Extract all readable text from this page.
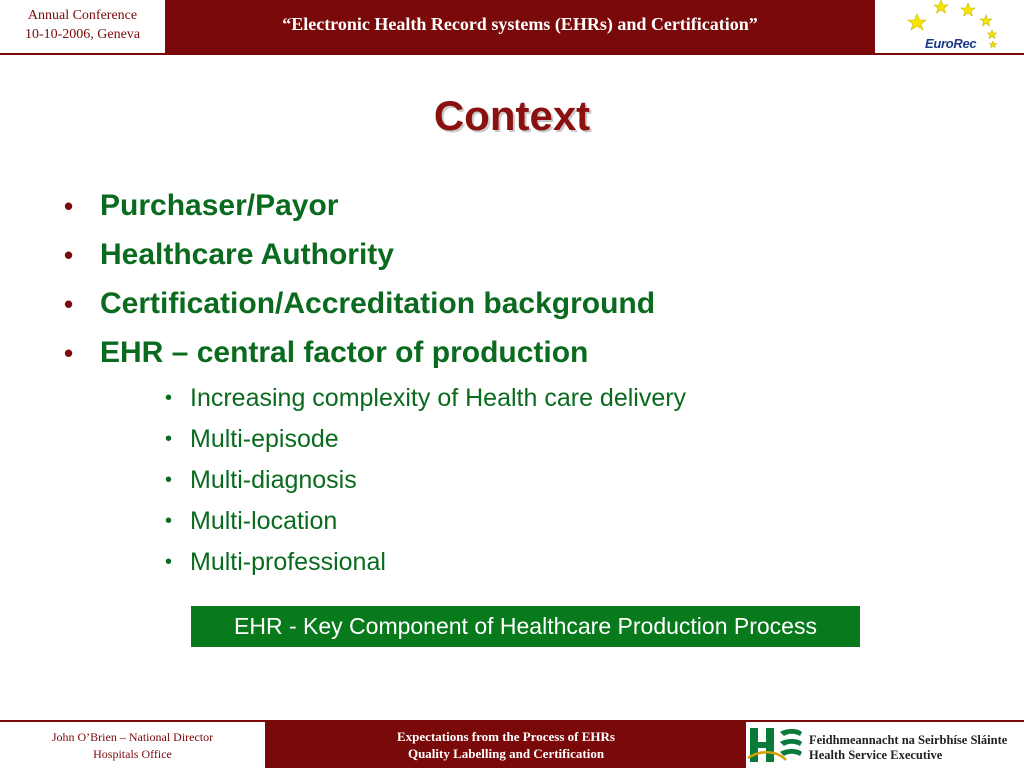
Annual Conference
10-10-2006, Geneva
“Electronic Health Record systems (EHRs) and Certification”
EuroRec
Context
• Purchaser/Payor
• Healthcare Authority
• Certification/Accreditation background
• EHR – central factor of production
• Increasing complexity of Health care delivery
• Multi-episode
• Multi-diagnosis
• Multi-location
• Multi-professional
EHR - Key Component of Healthcare Production Process
John O’Brien – National Director
Hospitals Office
Expectations from the Process of EHRs
Quality Labelling and Certification
Feidhmeannacht na Seirbhíse Sláinte
Health Service Executive
